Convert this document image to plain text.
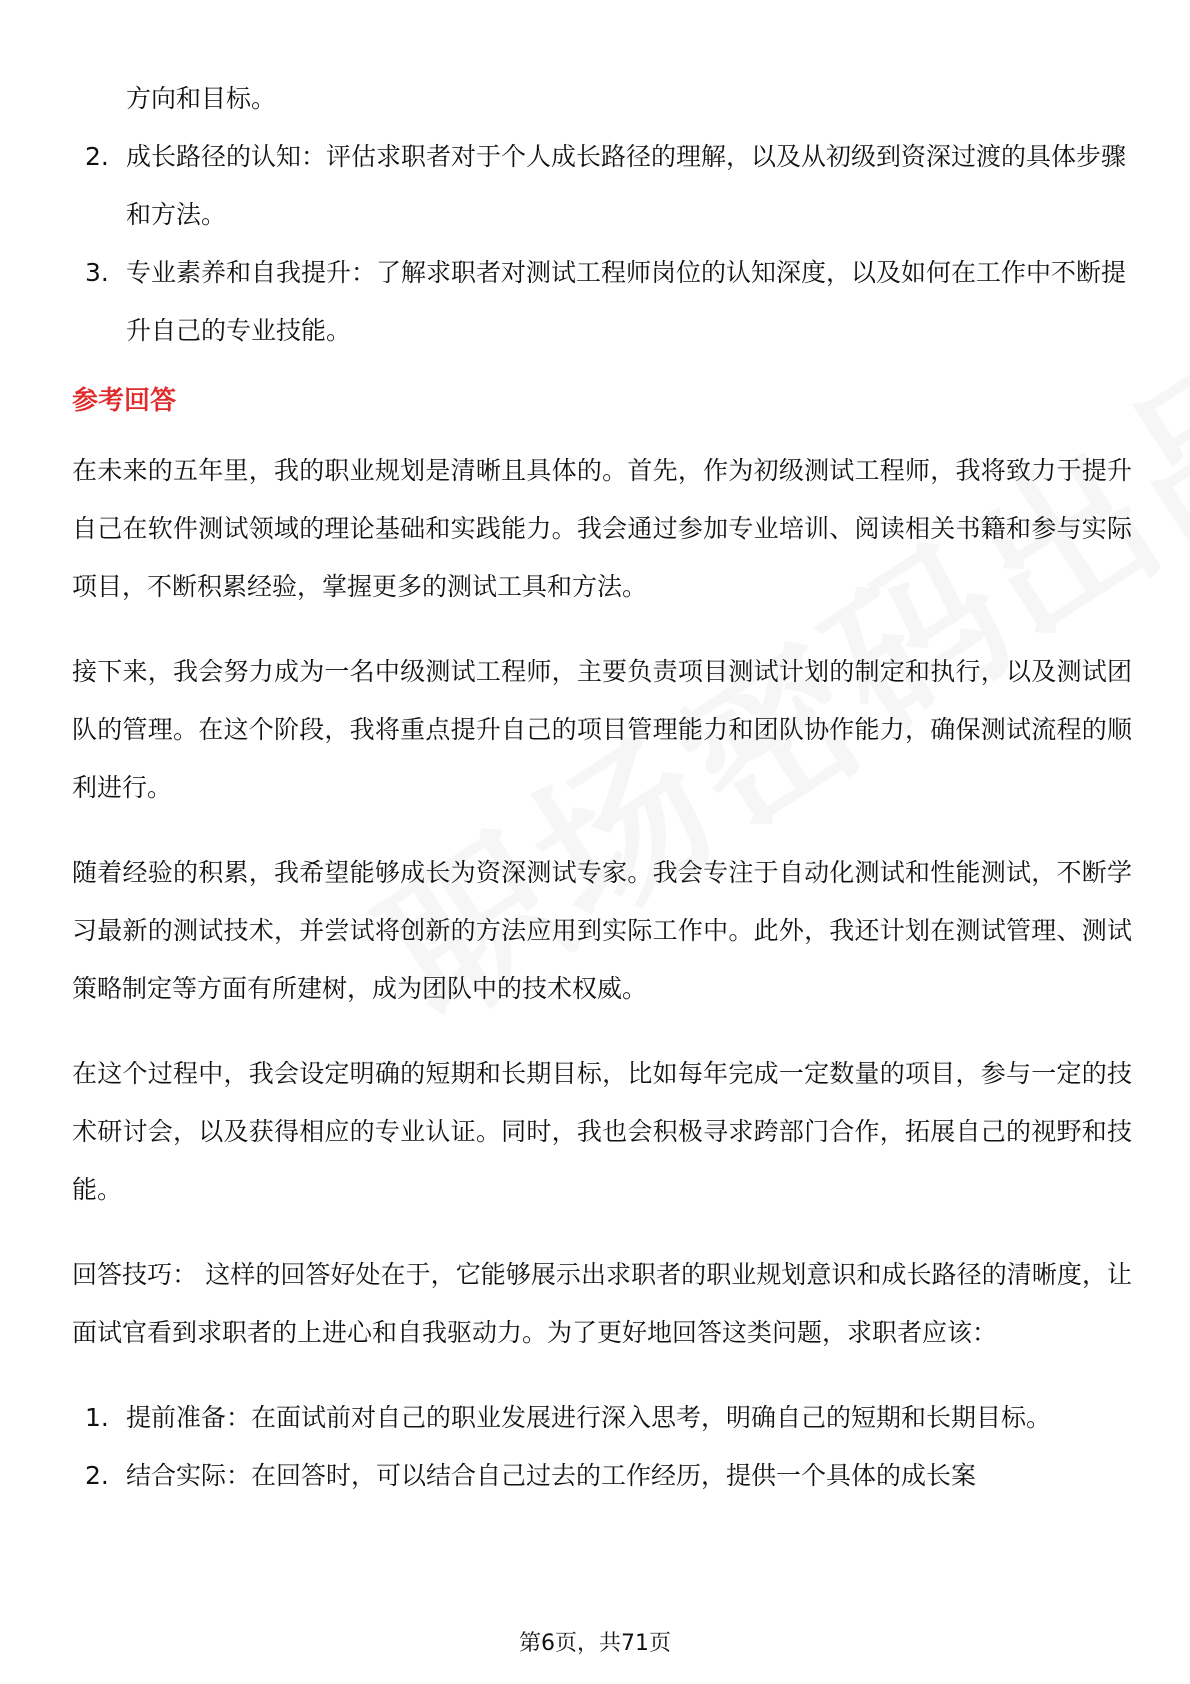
方向和目标。

2. 成长路径的认知：评估求职者对于个人成长路径的理解，以及从初级到资深过渡的具体步骤和方法。
3. 专业素养和自我提升：了解求职者对测试工程师岗位的认知深度，以及如何在工作中不断提升自己的专业技能。
参考回答

在未来的五年里，我的职业规划是清晰且具体的。首先，作为初级测试工程师，我将致力于提升自己在软件测试领域的理论基础和实践能力。我会通过参加专业培训、阅读相关书籍和参与实际项目，不断积累经验，掌握更多的测试工具和方法。

接下来，我会努力成为一名中级测试工程师，主要负责项目测试计划的制定和执行，以及测试团队的管理。在这个阶段，我将重点提升自己的项目管理能力和团队协作能力，确保测试流程的顺利进行。

随着经验的积累，我希望能够成长为资深测试专家。我会专注于自动化测试和性能测试，不断学习最新的测试技术，并尝试将创新的方法应用到实际工作中。此外，我还计划在测试管理、测试策略制定等方面有所建树，成为团队中的技术权威。

在这个过程中，我会设定明确的短期和长期目标，比如每年完成一定数量的项目，参与一定的技术研讨会，以及获得相应的专业认证。同时，我也会积极寻求跨部门合作，拓展自己的视野和技能。

回答技巧： 这样的回答好处在于，它能够展示出求职者的职业规划意识和成长路径的清晰度，让面试官看到求职者的上进心和自我驱动力。为了更好地回答这类问题，求职者应该：

1. 提前准备：在面试前对自己的职业发展进行深入思考，明确自己的短期和长期目标。
2. 结合实际：在回答时，可以结合自己过去的工作经历，提供一个具体的成长案
第6页，共71页
